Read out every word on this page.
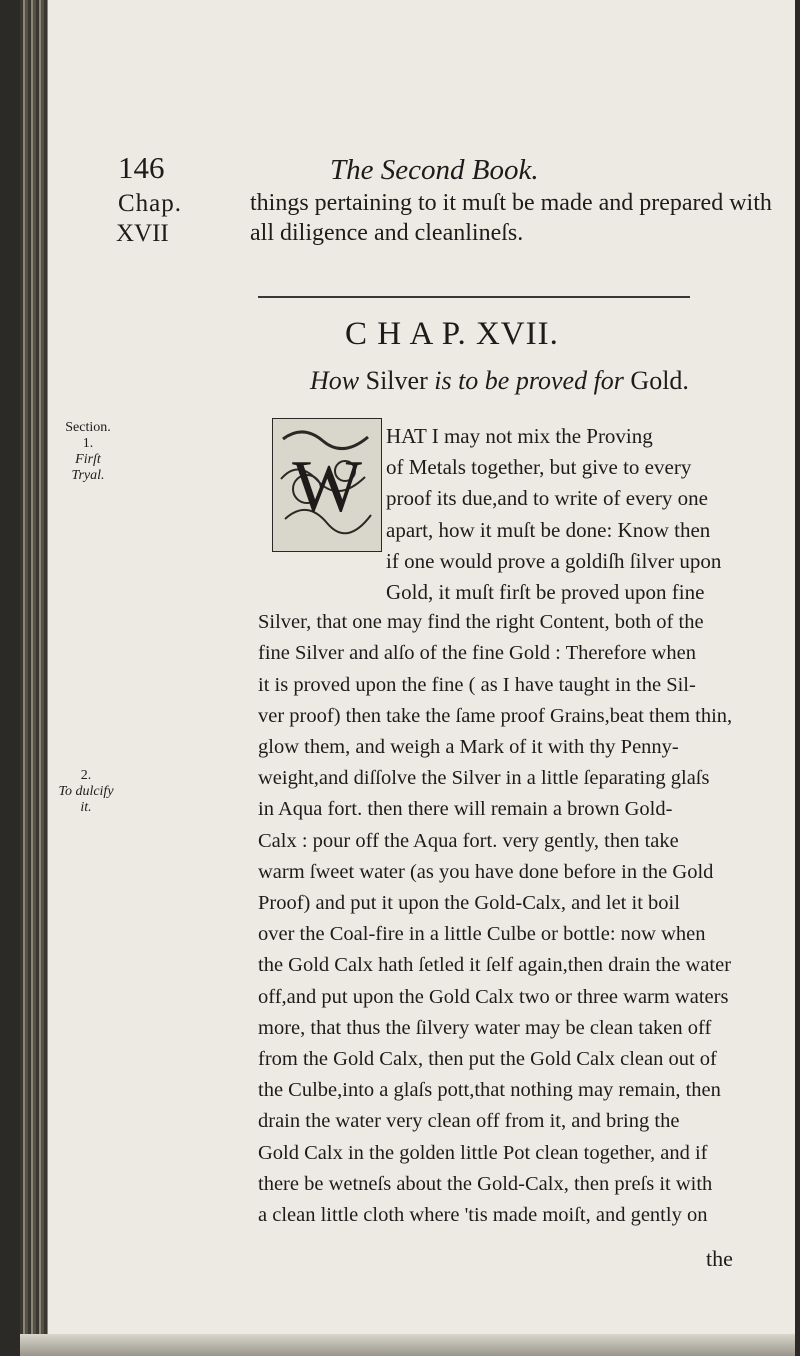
146	The Second Book.
Chap.
XVII
things pertaining to it muſt be made and prepared with
all diligence and cleanlineſs.
C H A P. XVII.
How Silver is to be proved for Gold.
Section.
1.
Firſt Tryal.
2.
To dulcify it.
W
HAT I may not mix the Proving
of Metals together, but give to every
proof its due,and to write of every one
apart, how it muſt be done: Know then
if one would prove a goldiſh ſilver upon
Gold, it muſt firſt be proved upon fine
Silver, that one may find the right Content, both of the
fine Silver and alſo of the fine Gold : Therefore when
it is proved upon the fine ( as I have taught in the Sil-
ver proof) then take the ſame proof Grains,beat them thin,
glow them, and weigh a Mark of it with thy Penny-
weight,and diſſolve the Silver in a little ſeparating glaſs
in Aqua fort. then there will remain a brown Gold-
Calx : pour off the Aqua fort. very gently, then take
warm ſweet water (as you have done before in the Gold
Proof) and put it upon the Gold-Calx, and let it boil
over the Coal-fire in a little Culbe or bottle: now when
the Gold Calx hath ſetled it ſelf again,then drain the water
off,and put upon the Gold Calx two or three warm waters
more, that thus the ſilvery water may be clean taken off
from the Gold Calx, then put the Gold Calx clean out of
the Culbe,into a glaſs pott,that nothing may remain, then
drain the water very clean off from it, and bring the
Gold Calx in the golden little Pot clean together, and if
there be wetneſs about the Gold-Calx, then preſs it with
a clean little cloth where 'tis made moiſt, and gently on
the
